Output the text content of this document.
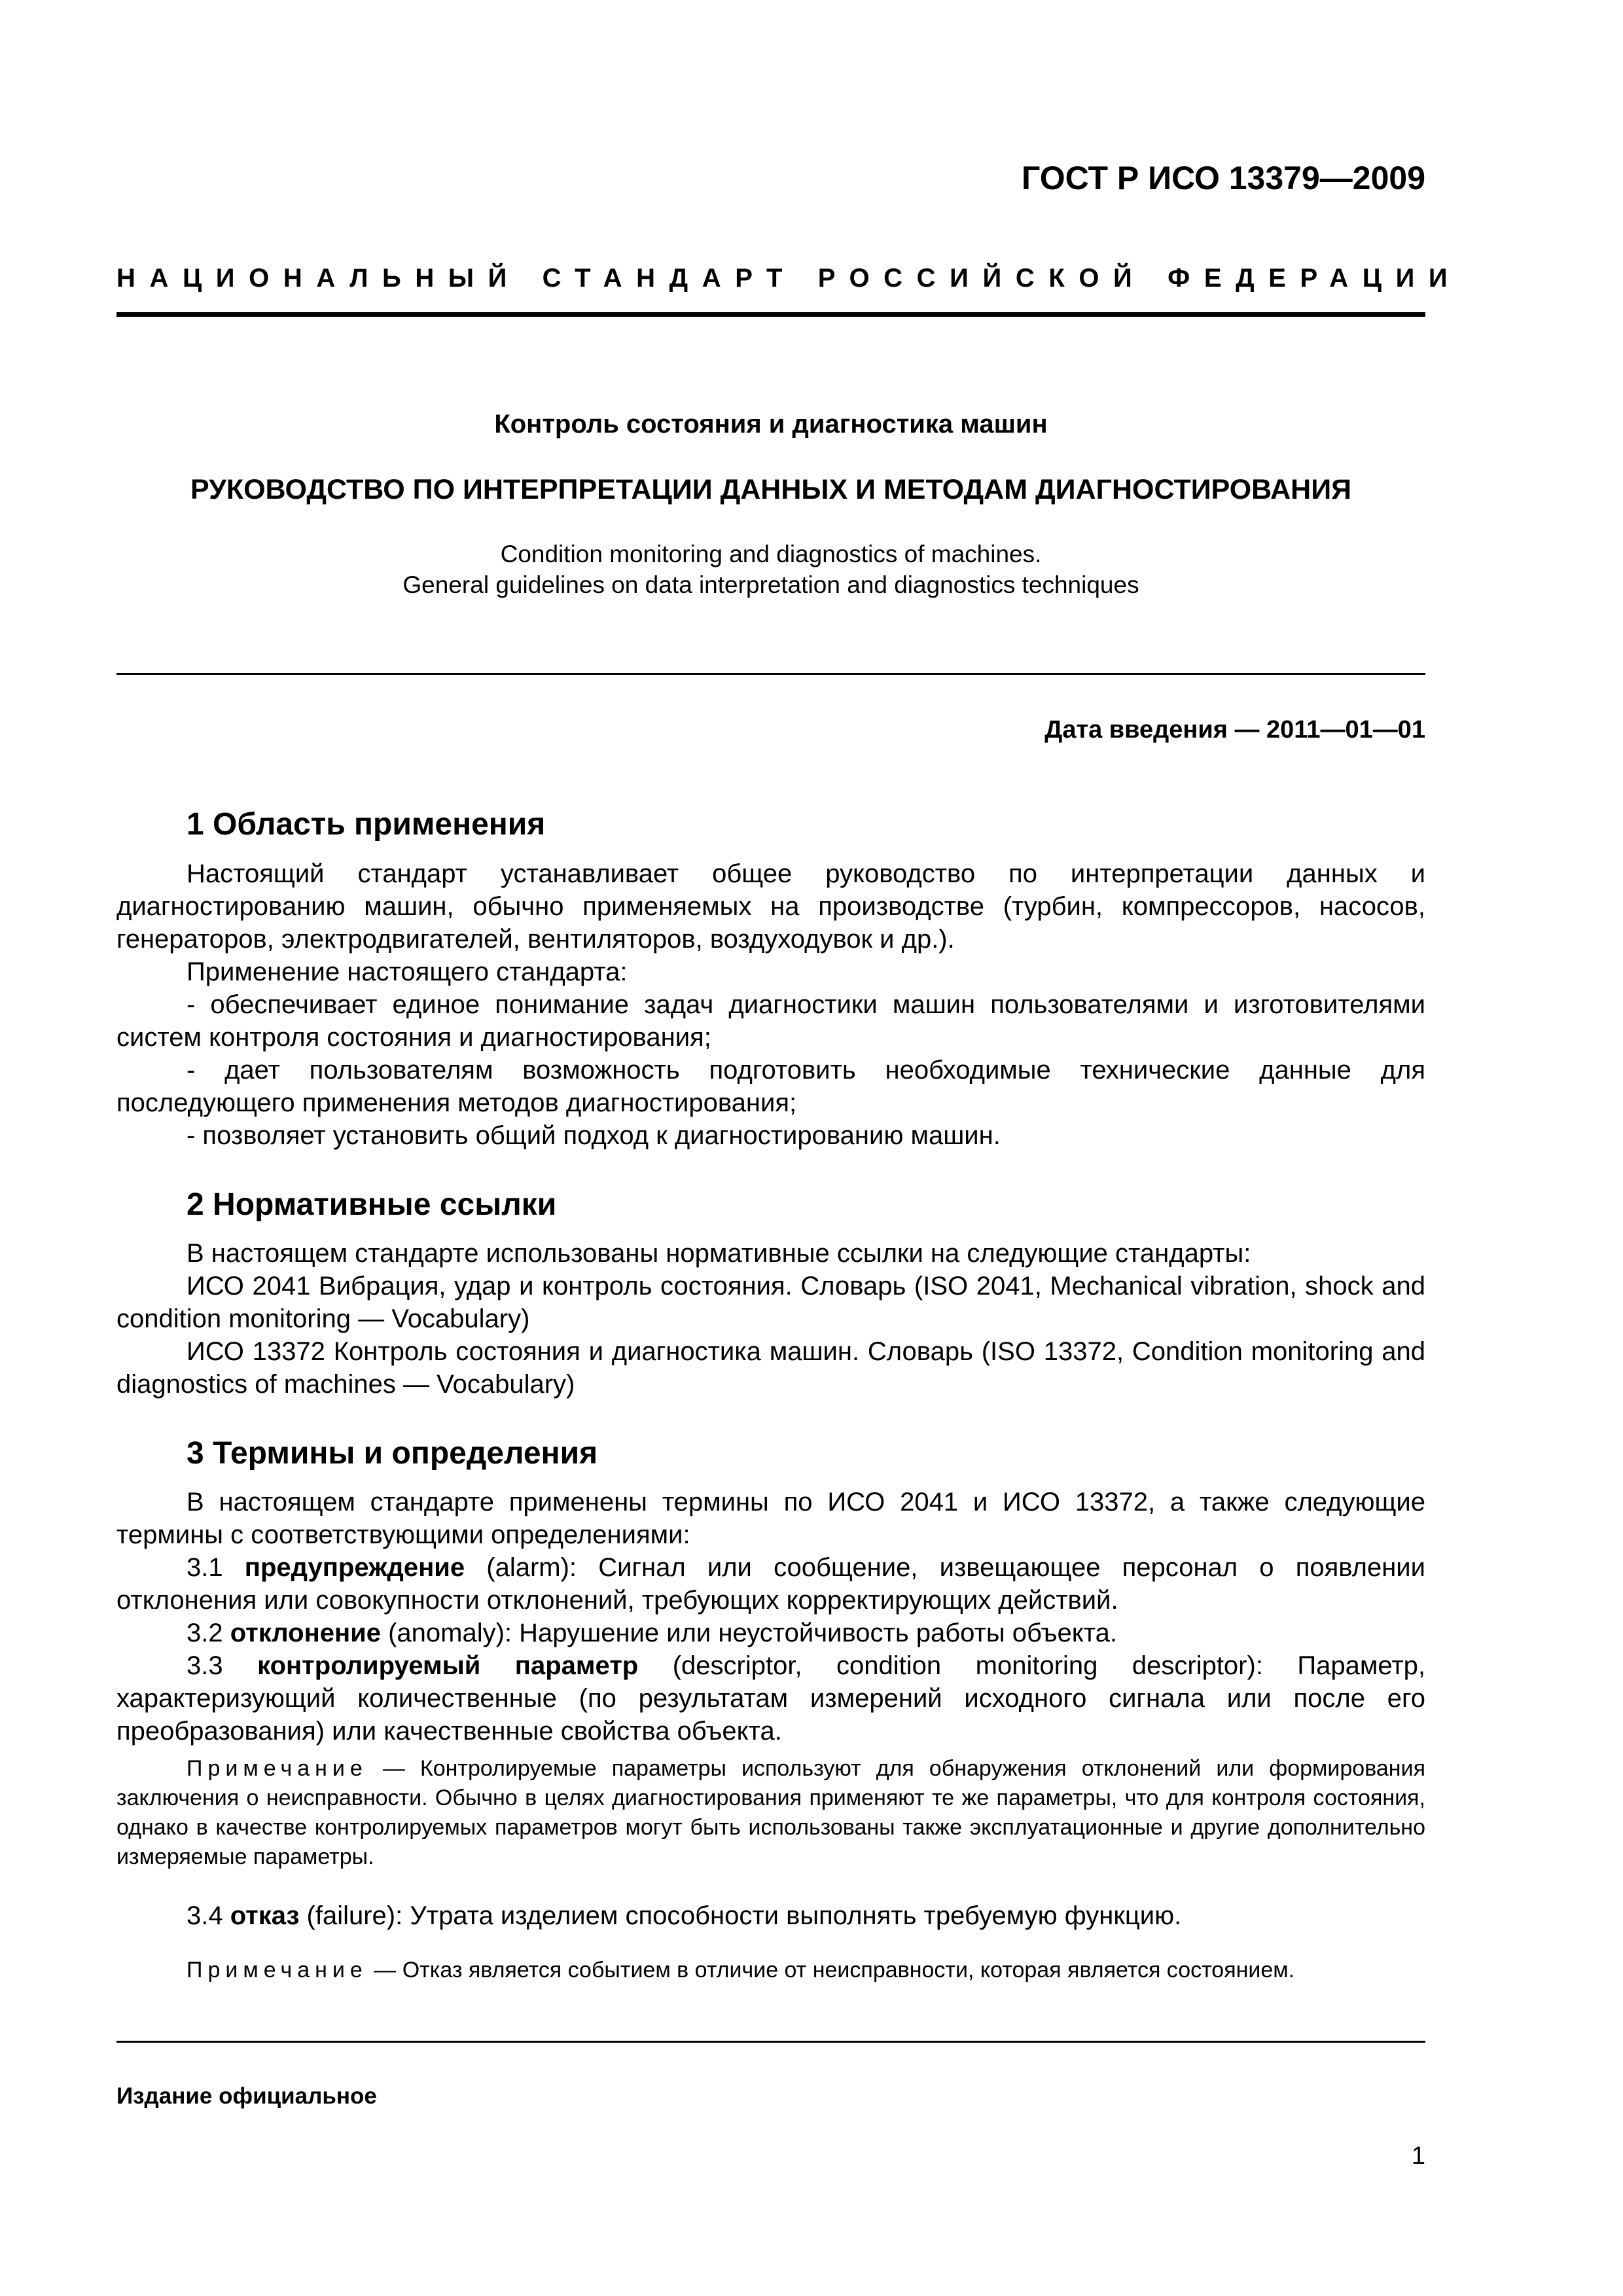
ГОСТ Р ИСО 13379—2009
НАЦИОНАЛЬНЫЙ СТАНДАРТ РОССИЙСКОЙ ФЕДЕРАЦИИ
Контроль состояния и диагностика машин
РУКОВОДСТВО ПО ИНТЕРПРЕТАЦИИ ДАННЫХ И МЕТОДАМ ДИАГНОСТИРОВАНИЯ
Condition monitoring and diagnostics of machines.
General guidelines on data interpretation and diagnostics techniques
Дата введения — 2011—01—01
1 Область применения
Настоящий стандарт устанавливает общее руководство по интерпретации данных и диагностированию машин, обычно применяемых на производстве (турбин, компрессоров, насосов, генераторов, электродвигателей, вентиляторов, воздуходувок и др.).
Применение настоящего стандарта:
- обеспечивает единое понимание задач диагностики машин пользователями и изготовителями систем контроля состояния и диагностирования;
- дает пользователям возможность подготовить необходимые технические данные для последующего применения методов диагностирования;
- позволяет установить общий подход к диагностированию машин.
2 Нормативные ссылки
В настоящем стандарте использованы нормативные ссылки на следующие стандарты:
ИСО 2041 Вибрация, удар и контроль состояния. Словарь (ISO 2041, Mechanical vibration, shock and condition monitoring — Vocabulary)
ИСО 13372 Контроль состояния и диагностика машин. Словарь (ISO 13372, Condition monitoring and diagnostics of machines — Vocabulary)
3 Термины и определения
В настоящем стандарте применены термины по ИСО 2041 и ИСО 13372, а также следующие термины с соответствующими определениями:
3.1 предупреждение (alarm): Сигнал или сообщение, извещающее персонал о появлении отклонения или совокупности отклонений, требующих корректирующих действий.
3.2 отклонение (anomaly): Нарушение или неустойчивость работы объекта.
3.3 контролируемый параметр (descriptor, condition monitoring descriptor): Параметр, характеризующий количественные (по результатам измерений исходного сигнала или после его преобразования) или качественные свойства объекта.
Примечание — Контролируемые параметры используют для обнаружения отклонений или формирования заключения о неисправности. Обычно в целях диагностирования применяют те же параметры, что для контроля состояния, однако в качестве контролируемых параметров могут быть использованы также эксплуатационные и другие дополнительно измеряемые параметры.
3.4 отказ (failure): Утрата изделием способности выполнять требуемую функцию.
Примечание — Отказ является событием в отличие от неисправности, которая является состоянием.
Издание официальное
1
